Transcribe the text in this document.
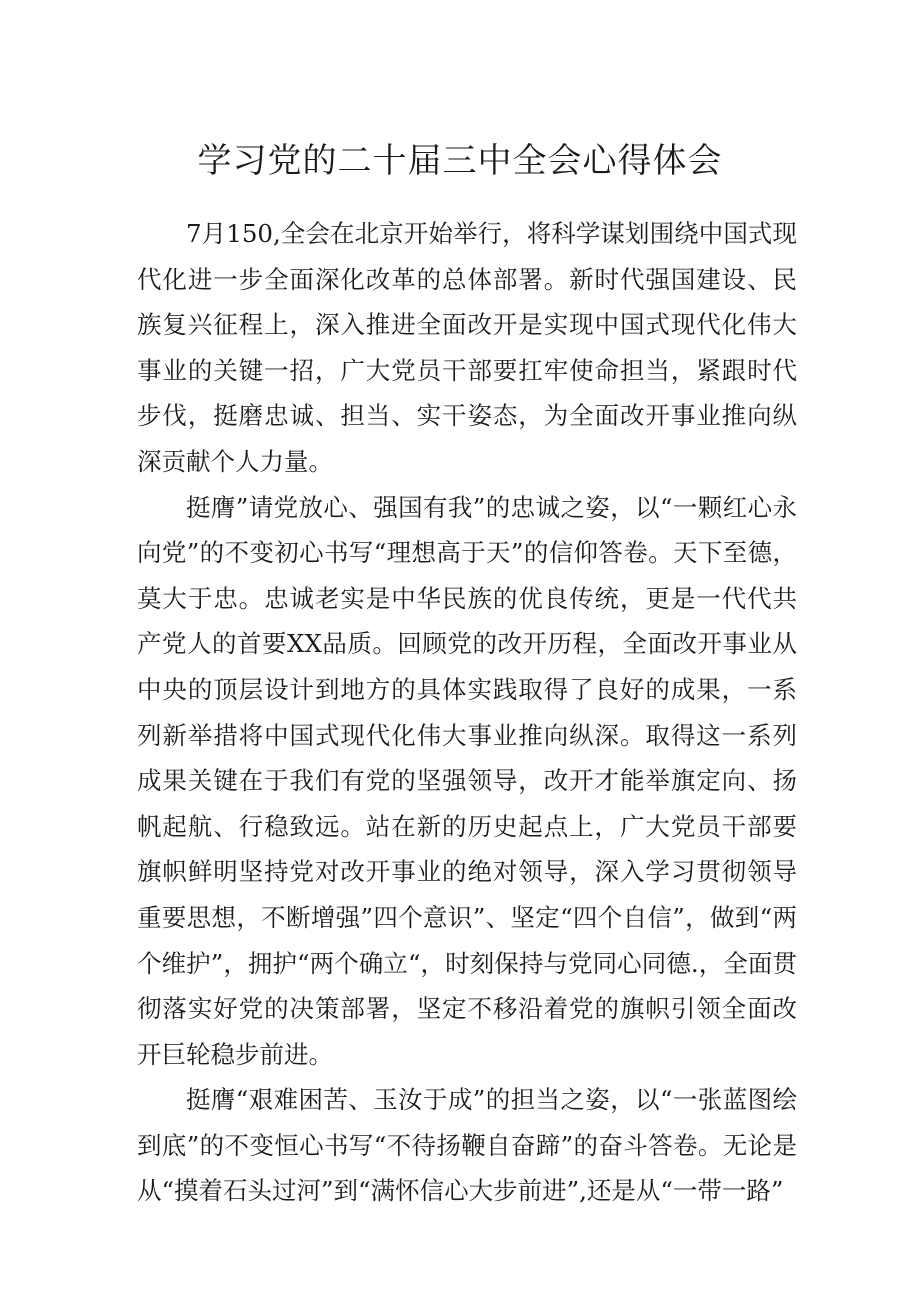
学习党的二十届三中全会心得体会

7月150,全会在北京开始举行，将科学谋划围绕中国式现代化进一步全面深化改革的总体部署。新时代强国建设、民族复兴征程上，深入推进全面改开是实现中国式现代化伟大事业的关键一招，广大党员干部要扛牢使命担当，紧跟时代步伐，挺磨忠诚、担当、实干姿态，为全面改开事业推向纵深贡献个人力量。

挺膺”请党放心、强国有我”的忠诚之姿，以“一颗红心永向党”的不变初心书写“理想高于天”的信仰答卷。天下至德，莫大于忠。忠诚老实是中华民族的优良传统，更是一代代共产党人的首要XX品质。回顾党的改开历程，全面改开事业从中央的顶层设计到地方的具体实践取得了良好的成果，一系列新举措将中国式现代化伟大事业推向纵深。取得这一系列成果关键在于我们有党的坚强领导，改开才能举旗定向、扬帆起航、行稳致远。站在新的历史起点上，广大党员干部要旗帜鲜明坚持党对改开事业的绝对领导，深入学习贯彻领导重要思想，不断增强”四个意识”、坚定“四个自信”，做到“两个维护”，拥护“两个确立“，时刻保持与党同心同德.，全面贯彻落实好党的决策部署，坚定不移沿着党的旗帜引领全面改开巨轮稳步前进。

挺膺“艰难困苦、玉汝于成”的担当之姿，以“一张蓝图绘到底”的不变恒心书写“不待扬鞭自奋蹄”的奋斗答卷。无论是从“摸着石头过河”到“满怀信心大步前进”,还是从“一带一路”
